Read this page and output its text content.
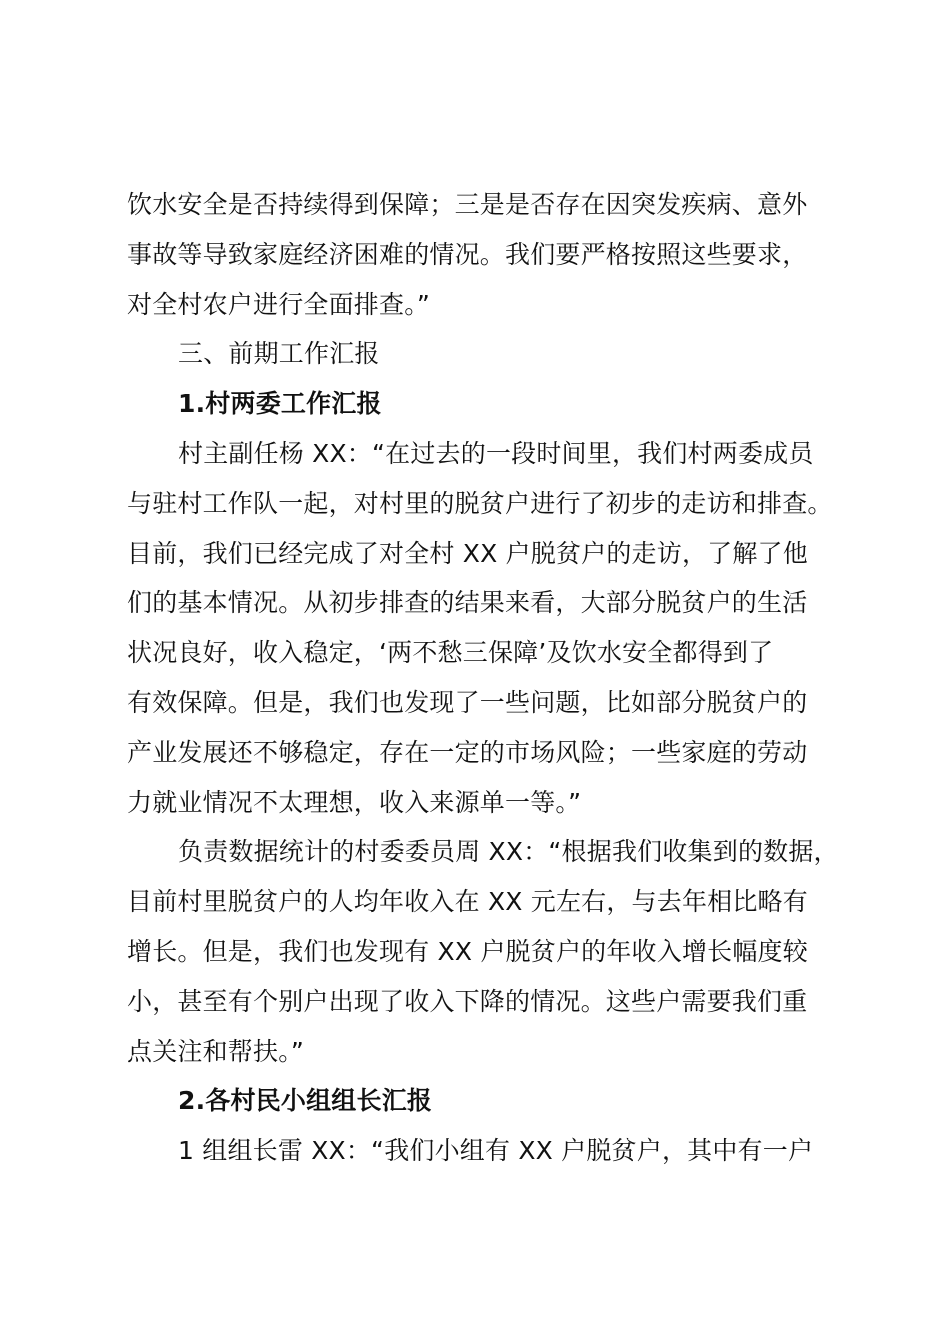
饮水安全是否持续得到保障；三是是否存在因突发疾病、意外
事故等导致家庭经济困难的情况。我们要严格按照这些要求，
对全村农户进行全面排查。”
三、前期工作汇报
1.村两委工作汇报
村主副任杨 XX：“在过去的一段时间里，我们村两委成员
与驻村工作队一起，对村里的脱贫户进行了初步的走访和排查。
目前，我们已经完成了对全村 XX 户脱贫户的走访，了解了他
们的基本情况。从初步排查的结果来看，大部分脱贫户的生活
状况良好，收入稳定，‘两不愁三保障’及饮水安全都得到了
有效保障。但是，我们也发现了一些问题，比如部分脱贫户的
产业发展还不够稳定，存在一定的市场风险；一些家庭的劳动
力就业情况不太理想，收入来源单一等。”
负责数据统计的村委委员周 XX：“根据我们收集到的数据，
目前村里脱贫户的人均年收入在 XX 元左右，与去年相比略有
增长。但是，我们也发现有 XX 户脱贫户的年收入增长幅度较
小，甚至有个别户出现了收入下降的情况。这些户需要我们重
点关注和帮扶。”
2.各村民小组组长汇报
1 组组长雷 XX：“我们小组有 XX 户脱贫户，其中有一户
